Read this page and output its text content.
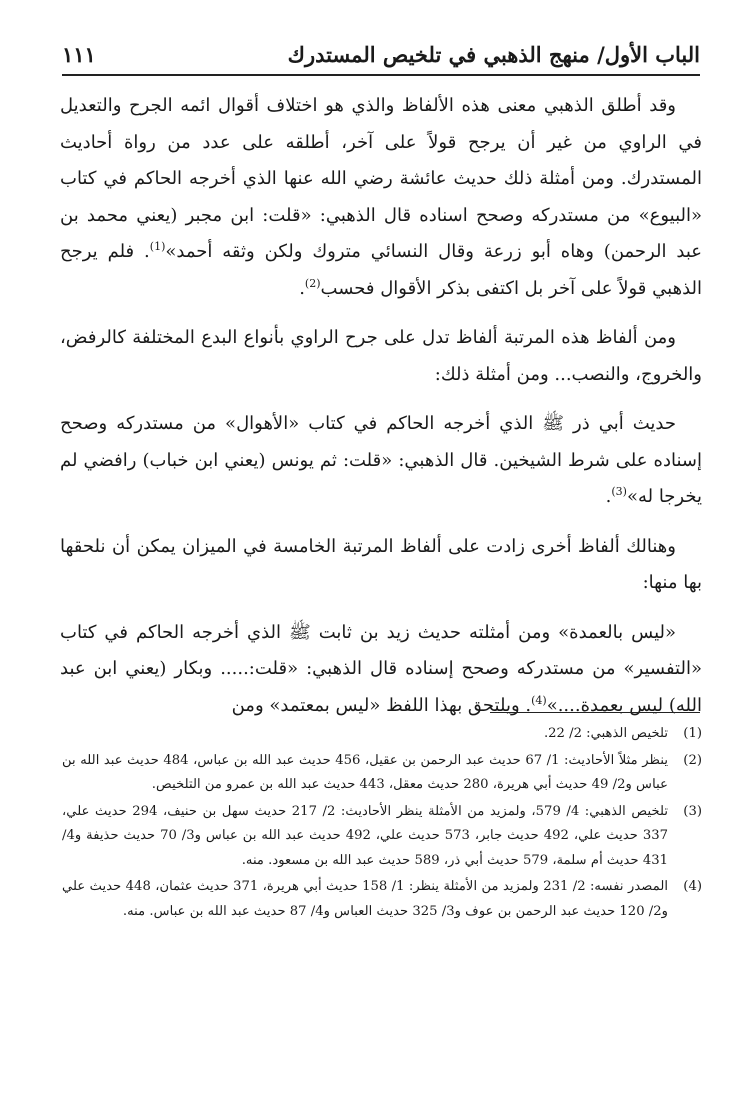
الباب الأول/ منهج الذهبي في تلخيص المستدرك
١١١

وقد أطلق الذهبي معنى هذه الألفاظ والذي هو اختلاف أقوال ائمه الجرح والتعديل في الراوي من غير أن يرجح قولاً على آخر، أطلقه على عدد من رواة أحاديث المستدرك. ومن أمثلة ذلك حديث عائشة رضي الله عنها الذي أخرجه الحاكم في كتاب «البيوع» من مستدركه وصحح اسناده قال الذهبي: «قلت: ابن مجبر (يعني محمد بن عبد الرحمن) وهاه أبو زرعة وقال النسائي متروك ولكن وثقه أحمد»$^{(1)}$. فلم يرجح الذهبي قولاً على آخر بل اكتفى بذكر الأقوال فحسب$^{(2)}$.

ومن ألفاظ هذه المرتبة ألفاظ تدل على جرح الراوي بأنواع البدع المختلفة كالرفض، والخروج، والنصب... ومن أمثلة ذلك:

حديث أبي ذر ﷺ الذي أخرجه الحاكم في كتاب «الأهوال» من مستدركه وصحح إسناده على شرط الشيخين. قال الذهبي: «قلت: ثم يونس (يعني ابن خباب) رافضي لم يخرجا له»$^{(3)}$.

وهنالك ألفاظ أخرى زادت على ألفاظ المرتبة الخامسة في الميزان يمكن أن نلحقها بها منها:

«ليس بالعمدة» ومن أمثلته حديث زيد بن ثابت ﷺ الذي أخرجه الحاكم في كتاب «التفسير» من مستدركه وصحح إسناده قال الذهبي: «قلت:..... وبكار (يعني ابن عبد الله) ليس بعمدة....»$^{(4)}$. ويلتحق بهذا اللفظ «ليس بمعتمد» ومن

(1)
تلخيص الذهبي: 2/ 22.
(2)
ينظر مثلاً الأحاديث: 1/ 67 حديث عبد الرحمن بن عقيل، 456 حديث عبد الله بن عباس، 484 حديث عبد الله بن عباس و2/ 49 حديث أبي هريرة، 280 حديث معقل، 443 حديث عبد الله بن عمرو من التلخيص.
(3)
تلخيص الذهبي: 4/ 579، ولمزيد من الأمثلة ينظر الأحاديث: 2/ 217 حديث سهل بن حنيف، 294 حديث علي، 337 حديث علي، 492 حديث جابر، 573 حديث علي، 492 حديث عبد الله بن عباس و3/ 70 حديث حذيفة و4/ 431 حديث أم سلمة، 579 حديث أبي ذر، 589 حديث عبد الله بن مسعود. منه.
(4)
المصدر نفسه: 2/ 231 ولمزيد من الأمثلة ينظر: 1/ 158 حديث أبي هريرة، 371 حديث عثمان، 448 حديث علي و2/ 120 حديث عبد الرحمن بن عوف و3/ 325 حديث العباس و4/ 87 حديث عبد الله بن عباس. منه.
